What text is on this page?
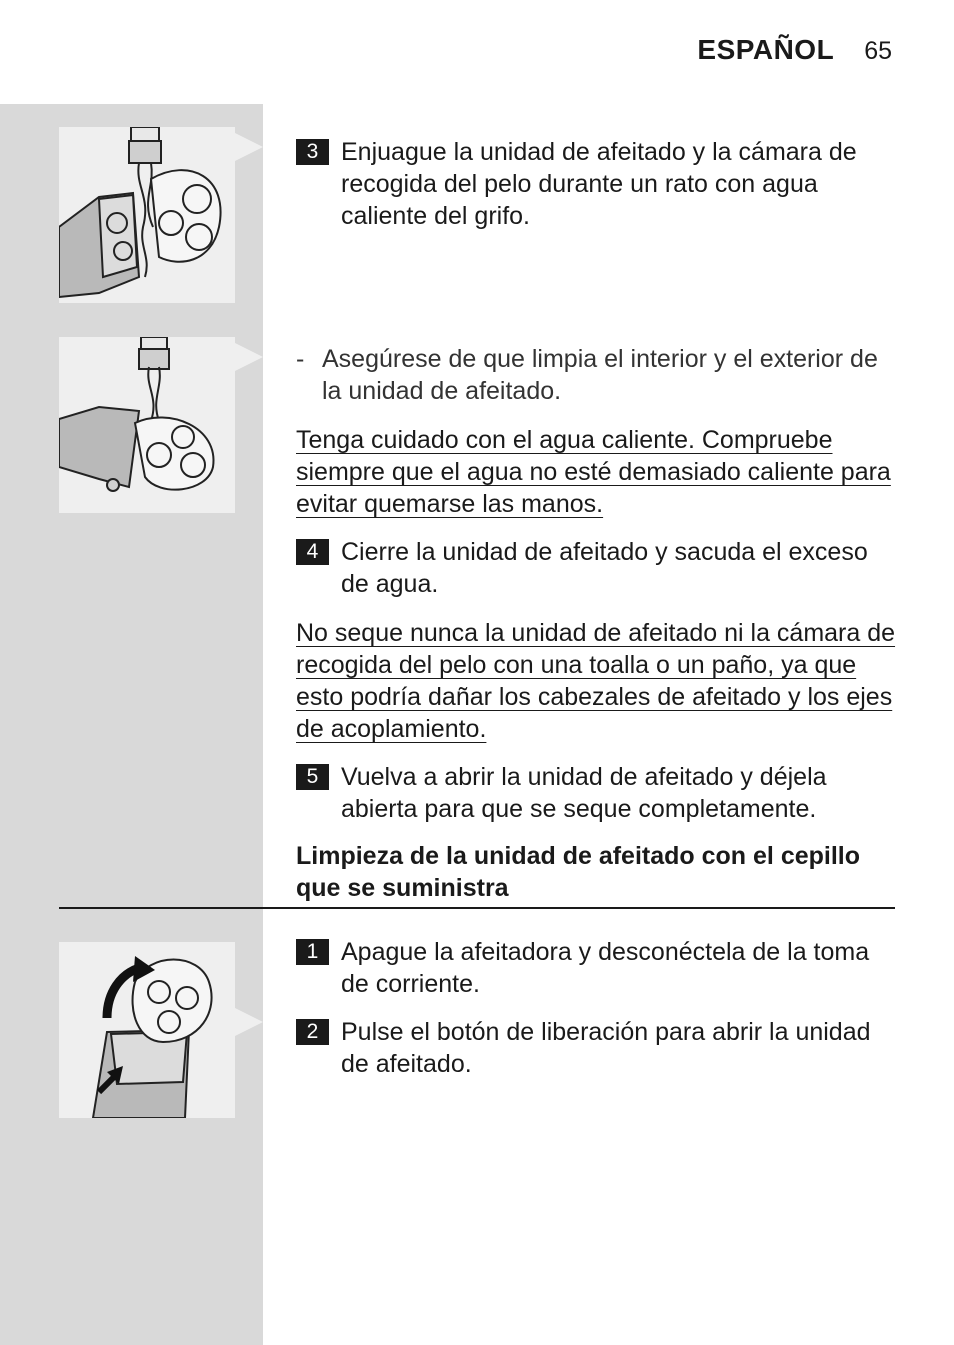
ESPAÑOL 65
3 Enjuague la unidad de afeitado y la cámara de recogida del pelo durante un rato con agua caliente del grifo.
- Asegúrese de que limpia el interior y el exterior de la unidad de afeitado.
Tenga cuidado con el agua caliente. Compruebe siempre que el agua no esté demasiado caliente para evitar quemarse las manos.
4 Cierre la unidad de afeitado y sacuda el exceso de agua.
No seque nunca la unidad de afeitado ni la cámara de recogida del pelo con una toalla o un paño, ya que esto podría dañar los cabezales de afeitado y los ejes de acoplamiento.
5 Vuelva a abrir la unidad de afeitado y déjela abierta para que se seque completamente.
Limpieza de la unidad de afeitado con el cepillo que se suministra
1 Apague la afeitadora y desconéctela de la toma de corriente.
2 Pulse el botón de liberación para abrir la unidad de afeitado.
